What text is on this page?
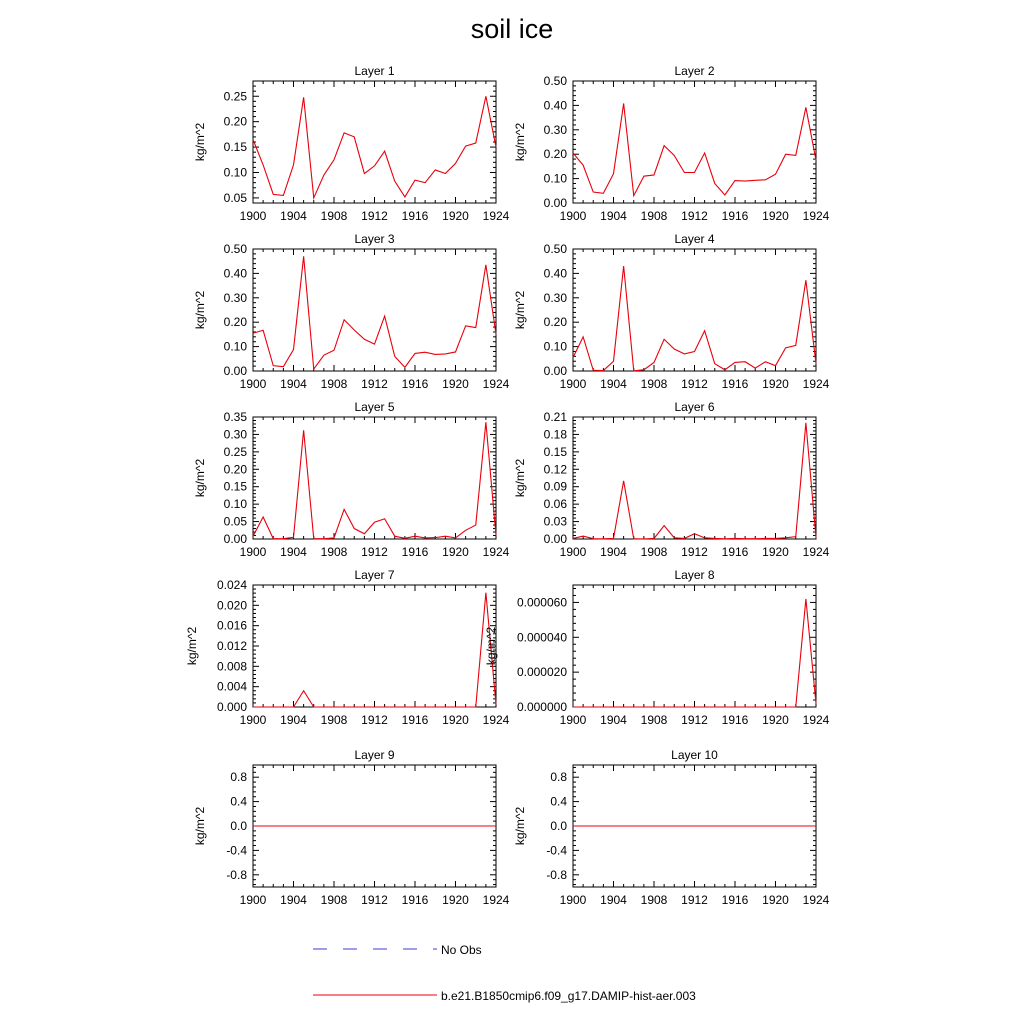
soil ice
Layer 1
kg/m^2
1900 1904 1908 1912 1916 1920 1924
0.05
0.10
0.15
0.20
0.25
Layer 2
kg/m^2
1900 1904 1908 1912 1916 1920 1924
0.00
0.10
0.20
0.30
0.40
0.50
Layer 3
kg/m^2
1900 1904 1908 1912 1916 1920 1924
0.00
0.10
0.20
0.30
0.40
0.50
Layer 4
kg/m^2
1900 1904 1908 1912 1916 1920 1924
0.00
0.10
0.20
0.30
0.40
0.50
Layer 5
kg/m^2
1900 1904 1908 1912 1916 1920 1924
0.00
0.05
0.10
0.15
0.20
0.25
0.30
0.35
Layer 6
kg/m^2
1900 1904 1908 1912 1916 1920 1924
0.00
0.03
0.06
0.09
0.12
0.15
0.18
0.21
Layer 7
kg/m^2
1900 1904 1908 1912 1916 1920 1924
0.000
0.004
0.008
0.012
0.016
0.020
0.024
Layer 8
kg/m^2
1900 1904 1908 1912 1916 1920 1924
0.000000
0.000020
0.000040
0.000060
Layer 9
kg/m^2
1900 1904 1908 1912 1916 1920 1924
-0.8
-0.4
0.0
0.4
0.8
Layer 10
kg/m^2
1900 1904 1908 1912 1916 1920 1924
-0.8
-0.4
0.0
0.4
0.8
No Obs
b.e21.B1850cmip6.f09_g17.DAMIP-hist-aer.003
